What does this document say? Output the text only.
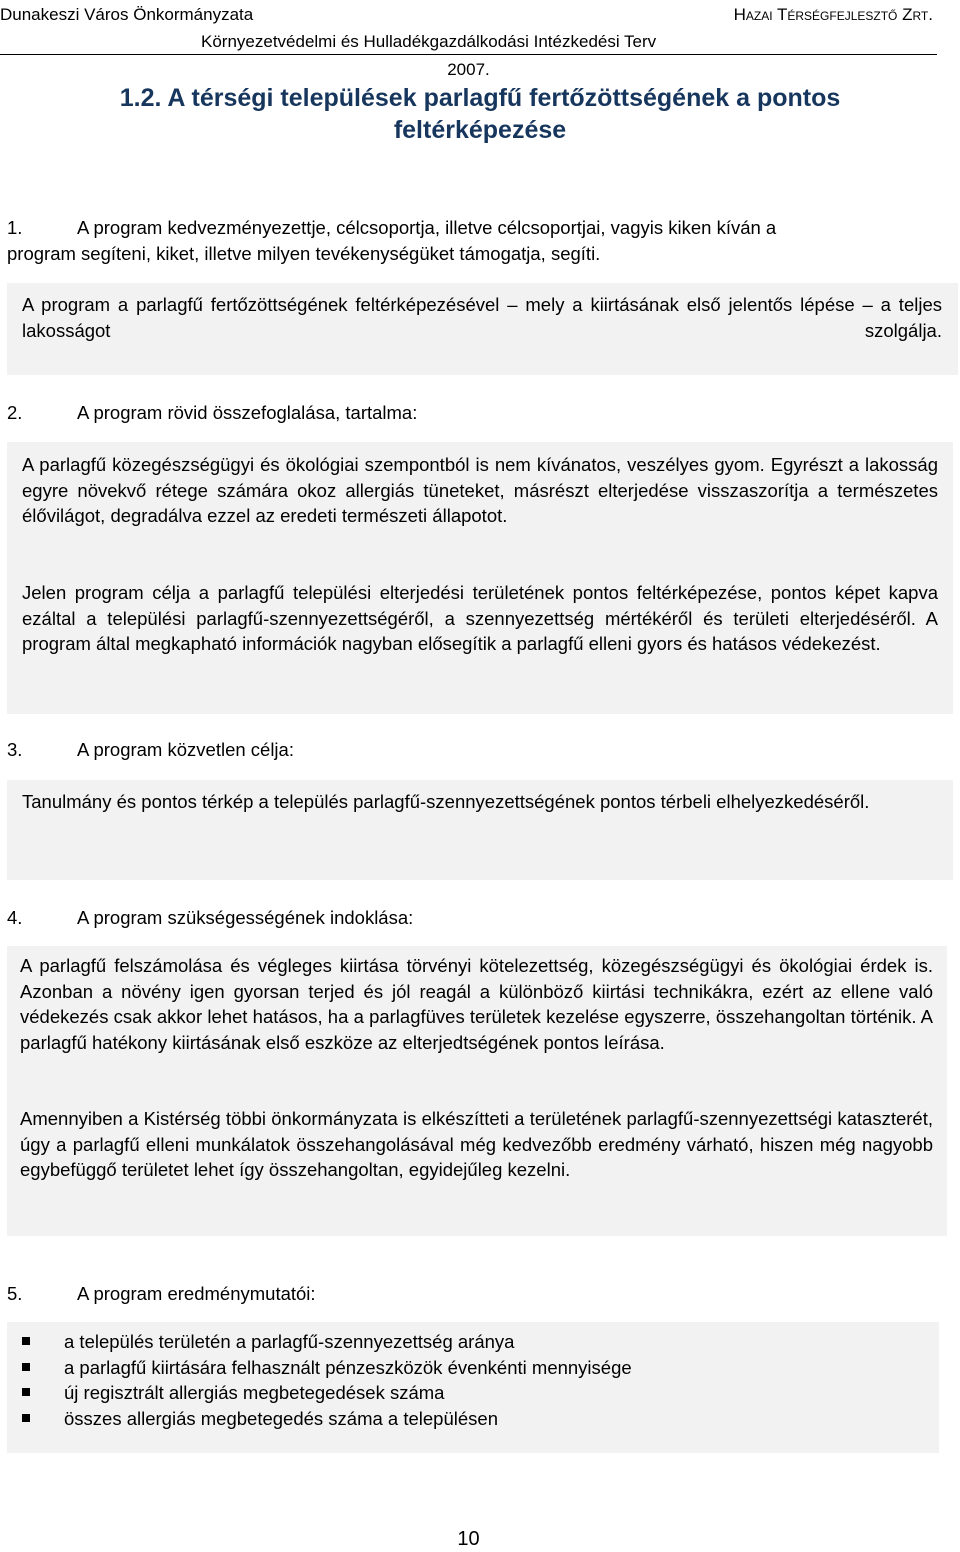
Dunakeszi Város Önkormányzata	Hazai Térségfejlesztő Zrt.
Környezetvédelmi és Hulladékgazdálkodási Intézkedési Terv
2007.
1.2. A térségi települések parlagfű fertőzöttségének a pontos
feltérképezése
1.	A program kedvezményezettje, célcsoportja, illetve célcsoportjai, vagyis kiken kíván a
program segíteni, kiket, illetve milyen tevékenységüket támogatja, segíti.
A program a parlagfű fertőzöttségének feltérképezésével – mely a kiirtásának első jelentős lépése – a teljes lakosságot szolgálja.
2.	A program rövid összefoglalása, tartalma:
A parlagfű közegészségügyi és ökológiai szempontból is nem kívánatos, veszélyes gyom. Egyrészt a lakosság egyre növekvő rétege számára okoz allergiás tüneteket, másrészt elterjedése visszaszorítja a természetes élővilágot, degradálva ezzel az eredeti természeti állapotot.
Jelen program célja a parlagfű települési elterjedési területének pontos feltérképezése, pontos képet kapva ezáltal a települési parlagfű-szennyezettségéről, a szennyezettség mértékéről és területi elterjedéséről. A program által megkapható információk nagyban elősegítik a parlagfű elleni gyors és hatásos védekezést.
3.	A program közvetlen célja:
Tanulmány és pontos térkép a település parlagfű-szennyezettségének pontos térbeli elhelyezkedéséről.
4.	A program szükségességének indoklása:
A parlagfű felszámolása és végleges kiirtása törvényi kötelezettség, közegészségügyi és ökológiai érdek is. Azonban a növény igen gyorsan terjed és jól reagál a különböző kiirtási technikákra, ezért az ellene való védekezés csak akkor lehet hatásos, ha a parlagfüves területek kezelése egyszerre, összehangoltan történik. A parlagfű hatékony kiirtásának első eszköze az elterjedtségének pontos leírása.
Amennyiben a Kistérség többi önkormányzata is elkészítteti a területének parlagfű-szennyezettségi kataszterét, úgy a parlagfű elleni munkálatok összehangolásával még kedvezőbb eredmény várható, hiszen még nagyobb egybefüggő területet lehet így összehangoltan, egyidejűleg kezelni.
5.	A program eredménymutatói:
a település területén a parlagfű-szennyezettség aránya
a parlagfű kiirtására felhasznált pénzeszközök évenkénti mennyisége
új regisztrált allergiás megbetegedések száma
összes allergiás megbetegedés száma a településen
10
